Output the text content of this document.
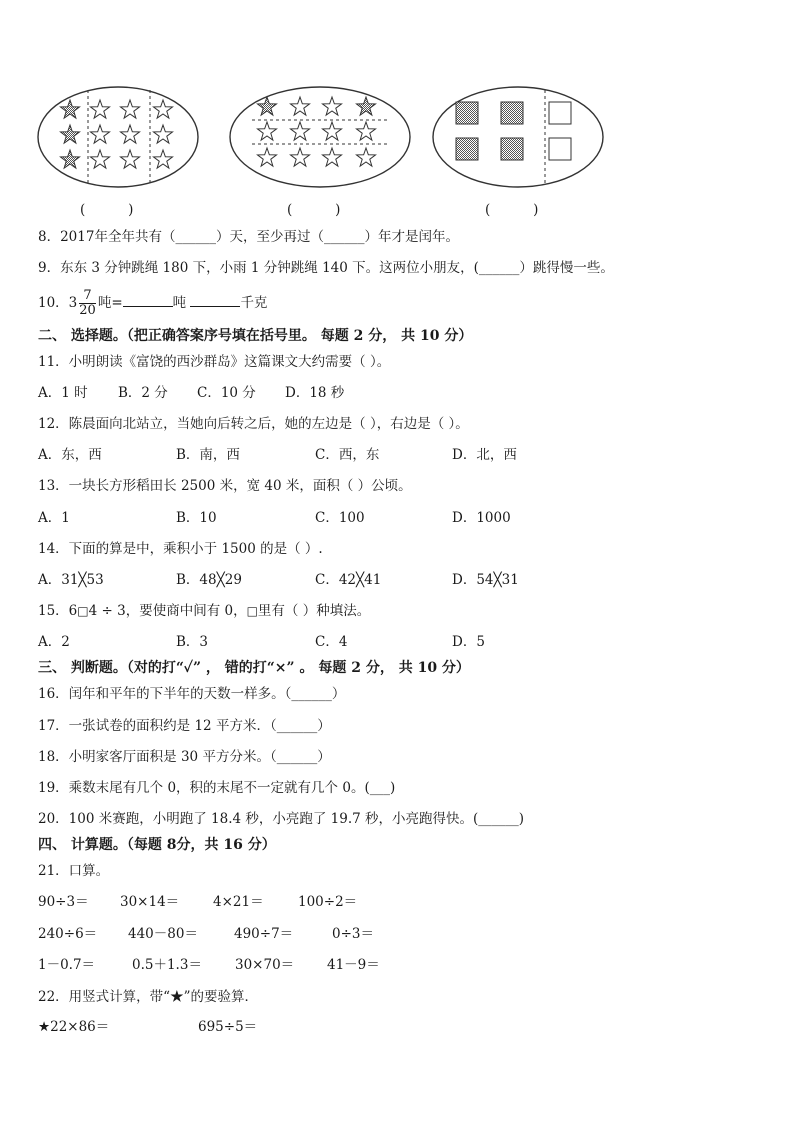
(          )	(          )	(          )
8．2017年全年共有（______）天，至少再过（______）年才是闰年。
9．东东 3 分钟跳绳 180 下，小雨 1 分钟跳绳 140 下。这两位小朋友，(______）跳得慢一些。
10．$3 \frac{7}{20}$ 吨=	吨	千克
二、 选择题。（把正确答案序号填在括号里。 每题 2 分， 共 10 分）
11．小明朗读《富饶的西沙群岛》这篇课文大约需要（ ）。
A．1 时 B．2 分 C．10 分 D．18 秒
12．陈晨面向北站立，当她向后转之后，她的左边是（ ），右边是（ ）。
A．东，西	B．南，西	C．西，东	D．北，西
13．一块长方形稻田长 2500 米，宽 40 米，面积（ ）公顷。
A．1	B．10	C．100	D．1000
14．下面的算是中，乘积小于 1500 的是（ ）.
A．31╳53	B．48╳29	C．42╳41	D．54╳31
15．6□4 ÷ 3，要使商中间有 0，□里有（ ）种填法。
A．2	B．3	C．4	D．5
三、 判断题。（对的打“✓” ， 错的打“×” 。 每题 2 分， 共 10 分）
16．闰年和平年的下半年的天数一样多。（______）
17．一张试卷的面积约是 12 平方米．（______）
18．小明家客厅面积是 30 平方分米。（______）
19．乘数末尾有几个 0，积的末尾不一定就有几个 0。(___)
20．100 米赛跑，小明跑了 18.4 秒，小亮跑了 19.7 秒，小亮跑得快。(______)
四、 计算题。（每题 8分，共 16 分）
21．口算。
90÷3＝ 30×14＝	4×21＝	100÷2＝
240÷6＝ 440－80＝	490÷7＝	0÷3＝
1－0.7＝	0.5＋1.3＝ 30×70＝ 41－9＝
22．用竖式计算，带“★”的要验算．
★22×86＝	695÷5＝
